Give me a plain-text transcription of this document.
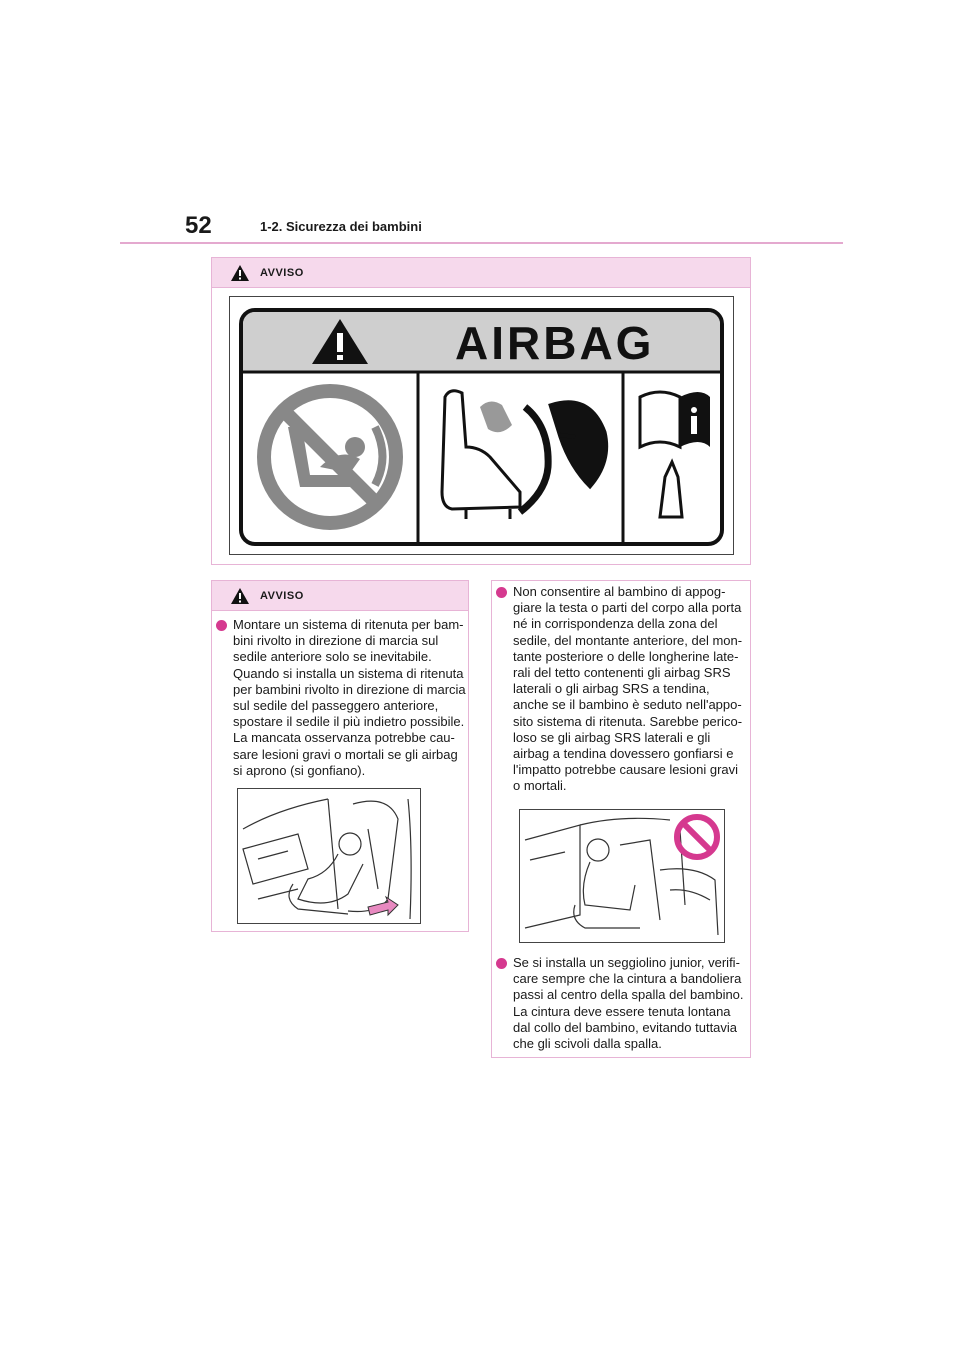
52	1-2. Sicurezza dei bambini
AVVISO
AIRBAG
AVVISO
Montare un sistema di ritenuta per bam-
bini rivolto in direzione di marcia sul
sedile anteriore solo se inevitabile.
Quando si installa un sistema di ritenuta
per bambini rivolto in direzione di marcia
sul sedile del passeggero anteriore,
spostare il sedile il più indietro possibile.
La mancata osservanza potrebbe cau-
sare lesioni gravi o mortali se gli airbag
si aprono (si gonfiano).
Non consentire al bambino di appog-
giare la testa o parti del corpo alla porta
né in corrispondenza della zona del
sedile, del montante anteriore, del mon-
tante posteriore o delle longherine late-
rali del tetto contenenti gli airbag SRS
laterali o gli airbag SRS a tendina,
anche se il bambino è seduto nell'appo-
sito sistema di ritenuta. Sarebbe perico-
loso se gli airbag SRS laterali e gli
airbag a tendina dovessero gonfiarsi e
l'impatto potrebbe causare lesioni gravi
o mortali.
Se si installa un seggiolino junior, verifi-
care sempre che la cintura a bandoliera
passi al centro della spalla del bambino.
La cintura deve essere tenuta lontana
dal collo del bambino, evitando tuttavia
che gli scivoli dalla spalla.
